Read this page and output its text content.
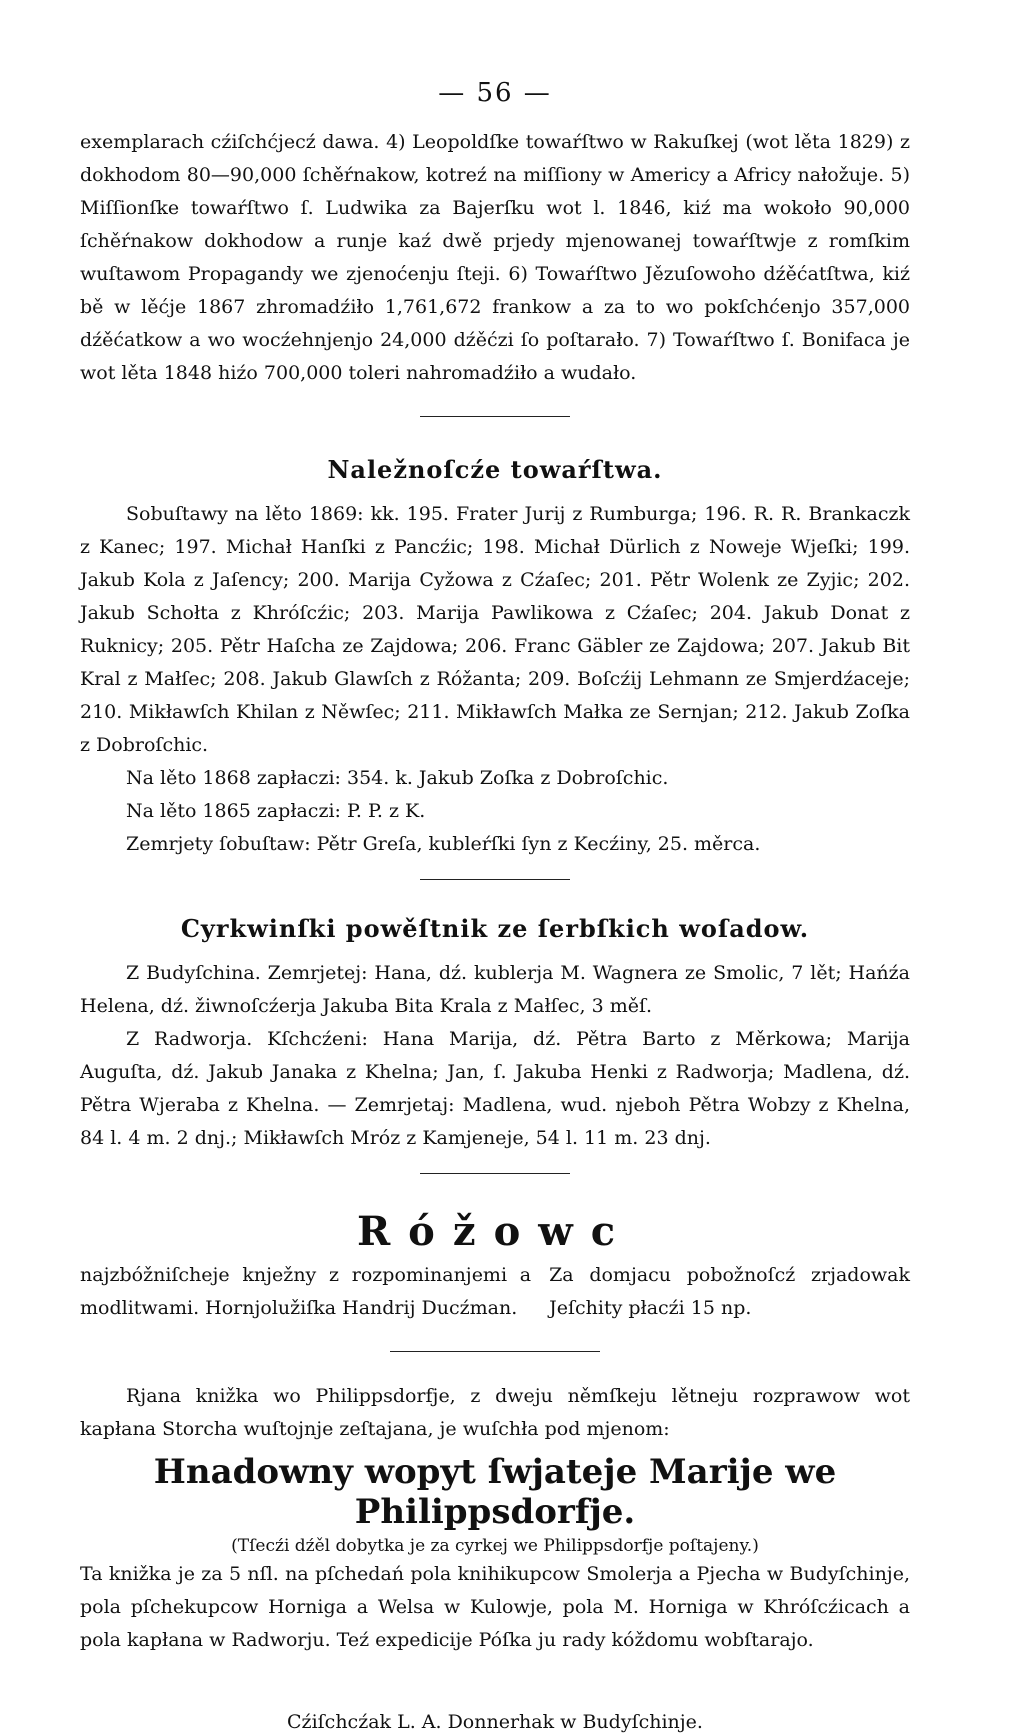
— 56 —

exemplarach cźiſchćjecź dawa. 4) Leopoldſke towaŕſtwo w Rakuſkej (wot lěta 1829) z dokhodom 80—90,000 ſchěŕnakow, kotreź na miſſiony w Americy a Africy nałožuje. 5) Miſſionſke towaŕſtwo ſ. Ludwika za Bajerſku wot l. 1846, kiź ma wokoło 90,000 ſchěŕnakow dokhodow a runje kaź dwě prjedy mjenowanej towaŕſtwje z romſkim wuſtawom Propagandy we zjenoćenju ſteji. 6) Towaŕſtwo Jězuſowoho dźěćatſtwa, kiź bě w lěćje 1867 zhromadźiło 1,761,672 frankow a za to wo pokſchćenjo 357,000 dźěćatkow a wo wocźehnjenjo 24,000 dźěćzi ſo poſtarało. 7) Towaŕſtwo ſ. Bonifaca je wot lěta 1848 hiźo 700,000 toleri nahromadźiło a wudało.

Naležnoſcźe towaŕſtwa.

Sobuſtawy na lěto 1869: kk. 195. Frater Jurij z Rumburga; 196. R. R. Brankaczk z Kanec; 197. Michał Hanſki z Pancźic; 198. Michał Dürlich z Noweje Wjeſki; 199. Jakub Kola z Jaſency; 200. Marija Cyžowa z Cźaſec; 201. Pětr Wolenk ze Zyjic; 202. Jakub Schołta z Khróſcźic; 203. Marija Pawlikowa z Cźaſec; 204. Jakub Donat z Ruknicy; 205. Pětr Haſcha ze Zajdowa; 206. Franc Gäbler ze Zajdowa; 207. Jakub Bit Kral z Małſec; 208. Jakub Glawſch z Róžanta; 209. Boſcźij Lehmann ze Smjerdźaceje; 210. Mikławſch Khilan z Něwſec; 211. Mikławſch Małka ze Sernjan; 212. Jakub Zoſka z Dobroſchic.

Na lěto 1868 zapłaczi: 354. k. Jakub Zoſka z Dobroſchic.

Na lěto 1865 zapłaczi: P. P. z K.

Zemrjety ſobuſtaw: Pětr Greſa, kubleŕſki ſyn z Kecźiny, 25. měrca.

Cyrkwinſki powěſtnik ze ſerbſkich woſadow.

Z Budyſchina. Zemrjetej: Hana, dź. kublerja M. Wagnera ze Smolic, 7 lět; Hańźa Helena, dź. žiwnoſcźerja Jakuba Bita Krala z Małſec, 3 měſ.

Z Radworja. Kſchcźeni: Hana Marija, dź. Pětra Barto z Měrkowa; Marija Auguſta, dź. Jakub Janaka z Khelna; Jan, ſ. Jakuba Henki z Radworja; Madlena, dź. Pětra Wjeraba z Khelna. — Zemrjetaj: Madlena, wud. njeboh Pětra Wobzy z Khelna, 84 l. 4 m. 2 dnj.; Mikławſch Mróz z Kamjeneje, 54 l. 11 m. 23 dnj.

Róžowc

najzbóžniſcheje knježny z rozpominanjemi a modlitwami. Hornjolužiſka Handrij Ducźman.

Za domjacu pobožnoſcź zrjadowak Jeſchity płacźi 15 np.

Rjana knižka wo Philippsdorfje, z dweju němſkeju lětneju rozprawow wot kapłana Storcha wuſtojnje zeſtajana, je wuſchła pod mjenom:

Hnadowny wopyt ſwjateje Marije we Philippsdorfje.
(Tſecźi dźěl dobytka je za cyrkej we Philippsdorfje poſtajeny.)

Ta knižka je za 5 nſl. na pſchedań pola knihikupcow Smolerja a Pjecha w Budyſchinje, pola pſchekupcow Horniga a Welsa w Kulowje, pola M. Horniga w Khróſcźicach a pola kapłana w Radworju. Teź expedicije Póſka ju rady kóždomu wobſtarajo.

Cźiſchcźak L. A. Donnerhak w Budyſchinje.
